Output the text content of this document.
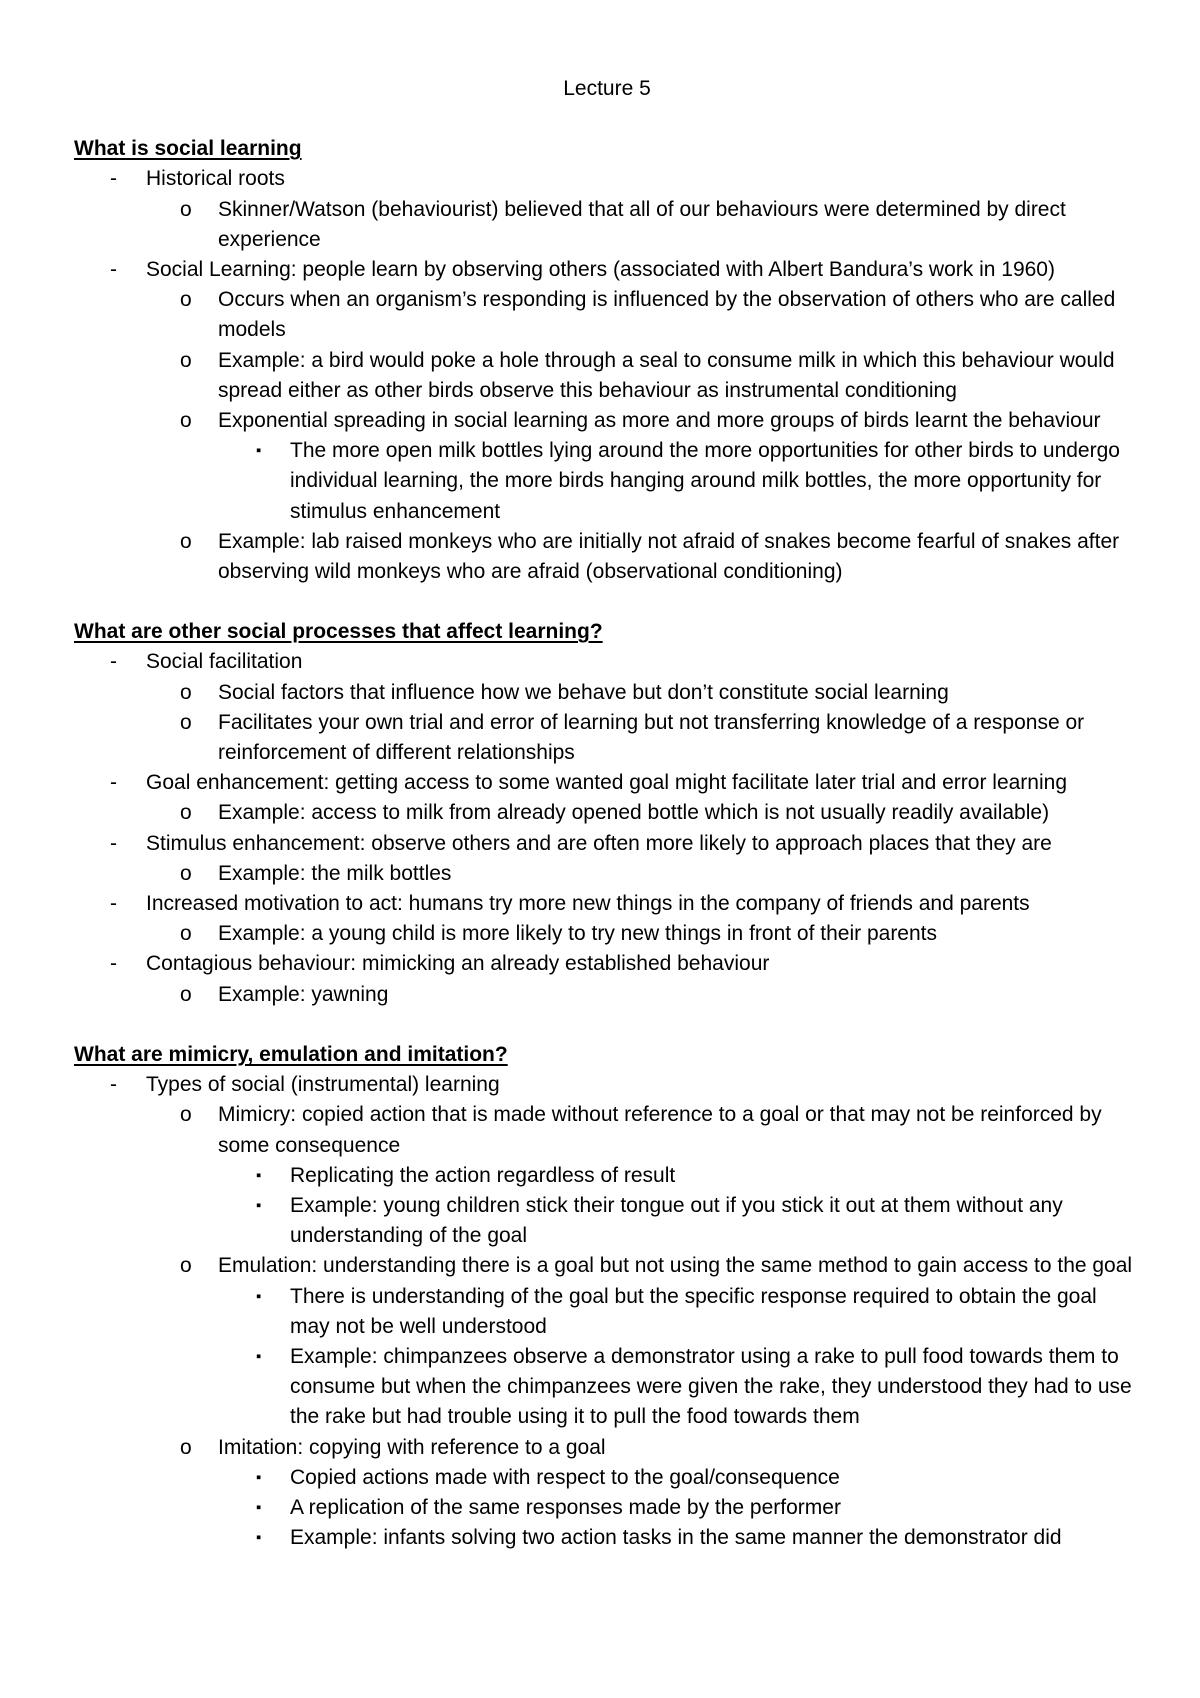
Lecture 5
What is social learning
- Historical roots
o Skinner/Watson (behaviourist) believed that all of our behaviours were determined by direct experience
- Social Learning: people learn by observing others (associated with Albert Bandura’s work in 1960)
o Occurs when an organism’s responding is influenced by the observation of others who are called models
o Example: a bird would poke a hole through a seal to consume milk in which this behaviour would spread either as other birds observe this behaviour as instrumental conditioning
o Exponential spreading in social learning as more and more groups of birds learnt the behaviour
▪ The more open milk bottles lying around the more opportunities for other birds to undergo individual learning, the more birds hanging around milk bottles, the more opportunity for stimulus enhancement
o Example: lab raised monkeys who are initially not afraid of snakes become fearful of snakes after observing wild monkeys who are afraid (observational conditioning)
What are other social processes that affect learning?
- Social facilitation
o Social factors that influence how we behave but don’t constitute social learning
o Facilitates your own trial and error of learning but not transferring knowledge of a response or reinforcement of different relationships
- Goal enhancement: getting access to some wanted goal might facilitate later trial and error learning
o Example: access to milk from already opened bottle which is not usually readily available)
- Stimulus enhancement: observe others and are often more likely to approach places that they are
o Example: the milk bottles
- Increased motivation to act: humans try more new things in the company of friends and parents
o Example: a young child is more likely to try new things in front of their parents
- Contagious behaviour: mimicking an already established behaviour
o Example: yawning
What are mimicry, emulation and imitation?
- Types of social (instrumental) learning
o Mimicry: copied action that is made without reference to a goal or that may not be reinforced by some consequence
▪ Replicating the action regardless of result
▪ Example: young children stick their tongue out if you stick it out at them without any understanding of the goal
o Emulation: understanding there is a goal but not using the same method to gain access to the goal
▪ There is understanding of the goal but the specific response required to obtain the goal may not be well understood
▪ Example: chimpanzees observe a demonstrator using a rake to pull food towards them to consume but when the chimpanzees were given the rake, they understood they had to use the rake but had trouble using it to pull the food towards them
o Imitation: copying with reference to a goal
▪ Copied actions made with respect to the goal/consequence
▪ A replication of the same responses made by the performer
▪ Example: infants solving two action tasks in the same manner the demonstrator did
